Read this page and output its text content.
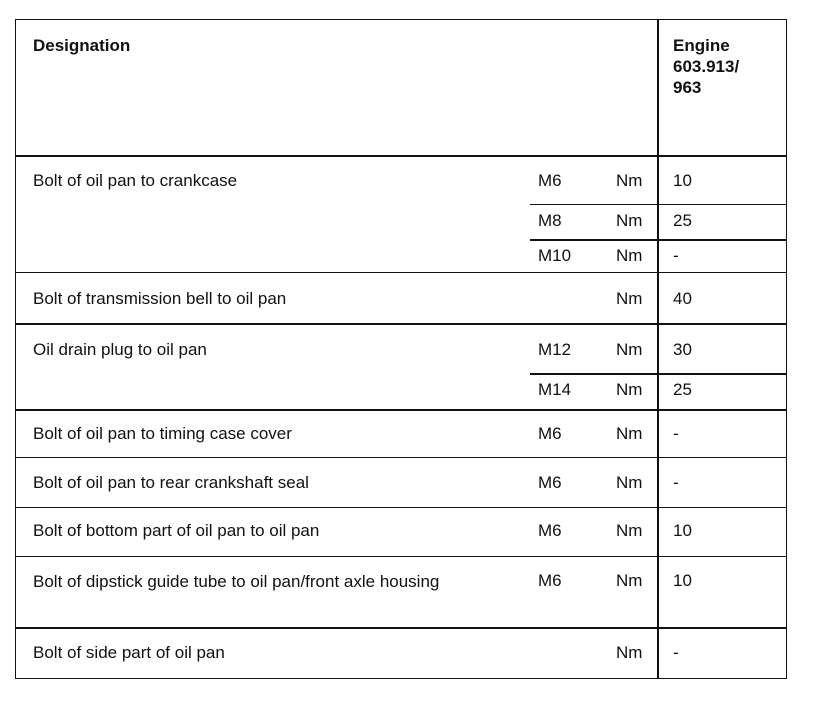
Designation	Engine
603.913/
963
Bolt of oil pan to crankcase	M6	Nm 10
M8	Nm 25
M10	Nm -
Bolt of transmission bell to oil pan	Nm 40
Oil drain plug to oil pan	M12	Nm 30
M14	Nm 25
Bolt of oil pan to timing case cover	M6	Nm -
Bolt of oil pan to rear crankshaft seal	M6	Nm -
Bolt of bottom part of oil pan to oil pan	M6	Nm 10
Bolt of dipstick guide tube to oil pan/front axle housing	M6	Nm 10
Bolt of side part of oil pan	Nm -
